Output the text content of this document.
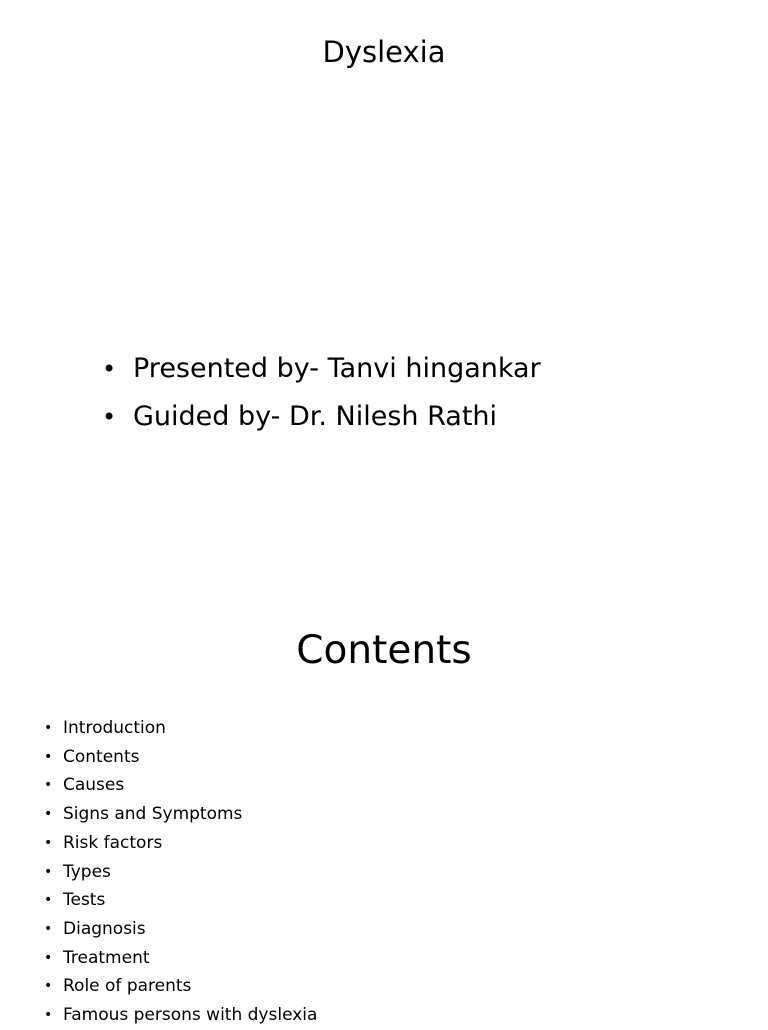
Dyslexia
• Presented by- Tanvi hingankar
• Guided by- Dr. Nilesh Rathi
Contents
• Introduction
• Contents
• Causes
• Signs and Symptoms
• Risk factors
• Types
• Tests
• Diagnosis
• Treatment
• Role of parents
• Famous persons with dyslexia
